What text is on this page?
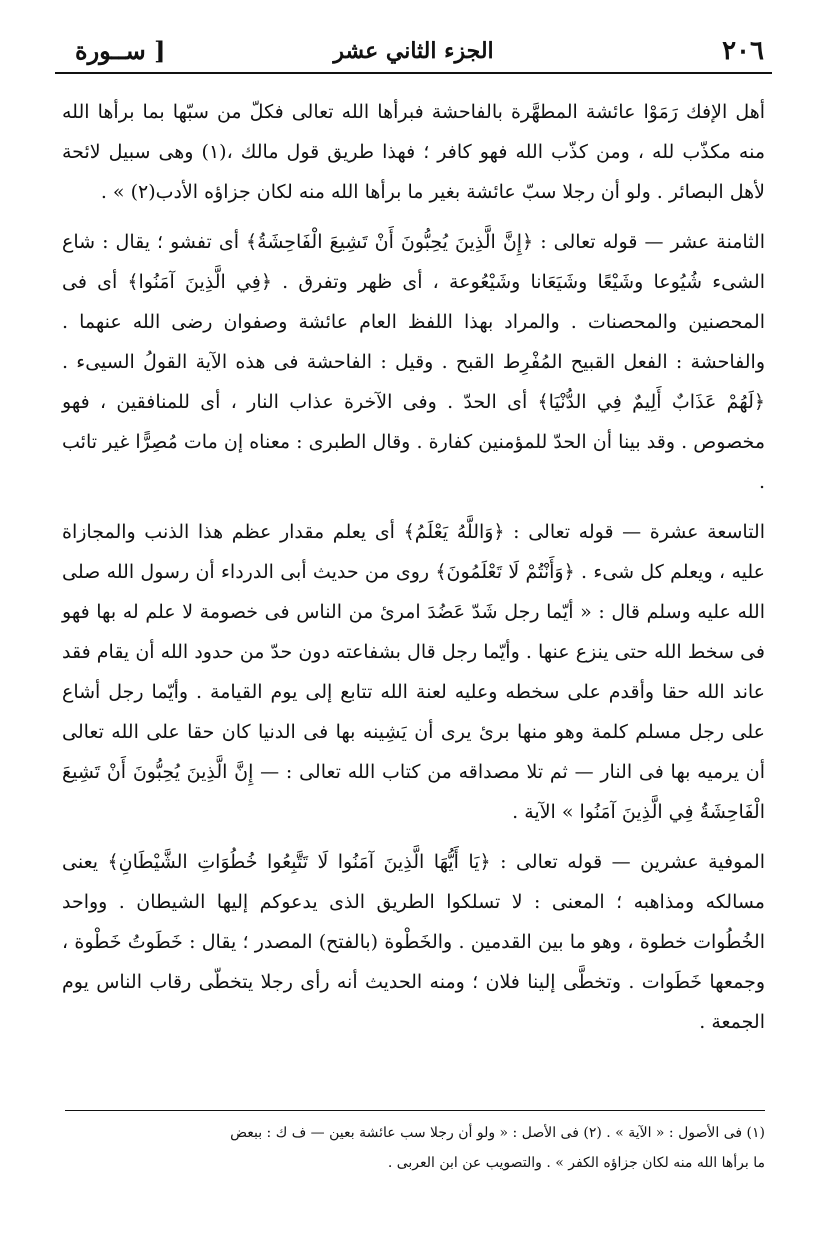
٢٠٦
الجزء الثاني عشر
[ ســورة

أهل الإفك رَمَوْا عائشة المطهَّرة بالفاحشة فبرأها الله تعالى فكلّ من سبّها بما برأها الله منه مكذّب لله ، ومن كذّب الله فهو كافر ؛ فهذا طريق قول مالك ،(١) وهى سبيل لائحة لأهل البصائر . ولو أن رجلا سبّ عائشة بغير ما برأها الله منه لكان جزاؤه الأدب(٢) » .

الثامنة عشر — قوله تعالى : ﴿إِنَّ الَّذِينَ يُحِبُّونَ أَنْ تَشِيعَ الْفَاحِشَةُ﴾ أى تفشو ؛ يقال : شاع الشىء شُيُوعا وشَيْعًا وشَيَعَانا وشَيْعُوعة ، أى ظهر وتفرق . ﴿فِي الَّذِينَ آمَنُوا﴾ أى فى المحصنين والمحصنات . والمراد بهذا اللفظ العام عائشة وصفوان رضى الله عنهما . والفاحشة : الفعل القبيح المُفْرِط القبح . وقيل : الفاحشة فى هذه الآية القولُ السيىء . ﴿لَهُمْ عَذَابٌ أَلِيمٌ فِي الدُّنْيَا﴾ أى الحدّ . وفى الآخرة عذاب النار ، أى للمنافقين ، فهو مخصوص . وقد بينا أن الحدّ للمؤمنين كفارة . وقال الطبرى : معناه إن مات مُصِرًّا غير تائب .

التاسعة عشرة — قوله تعالى : ﴿وَاللَّهُ يَعْلَمُ﴾ أى يعلم مقدار عظم هذا الذنب والمجازاة عليه ، ويعلم كل شىء . ﴿وَأَنْتُمْ لَا تَعْلَمُونَ﴾ روى من حديث أبى الدرداء أن رسول الله صلى الله عليه وسلم قال : « أيّما رجل شَدّ عَضُدَ امرئ من الناس فى خصومة لا علم له بها فهو فى سخط الله حتى ينزع عنها . وأيّما رجل قال بشفاعته دون حدّ من حدود الله أن يقام فقد عاند الله حقا وأقدم على سخطه وعليه لعنة الله تتابع إلى يوم القيامة . وأيّما رجل أشاع على رجل مسلم كلمة وهو منها برئ يرى أن يَشِينه بها فى الدنيا كان حقا على الله تعالى أن يرميه بها فى النار — ثم تلا مصداقه من كتاب الله تعالى : — إِنَّ الَّذِينَ يُحِبُّونَ أَنْ تَشِيعَ الْفَاحِشَةُ فِي الَّذِينَ آمَنُوا » الآية .

الموفية عشرين — قوله تعالى : ﴿يَا أَيُّهَا الَّذِينَ آمَنُوا لَا تَتَّبِعُوا خُطُوَاتِ الشَّيْطَانِ﴾ يعنى مسالكه ومذاهبه ؛ المعنى : لا تسلكوا الطريق الذى يدعوكم إليها الشيطان . وواحد الخُطُوات خطوة ، وهو ما بين القدمين . والخَطْوة (بالفتح) المصدر ؛ يقال : خَطَوتُ خَطْوة ، وجمعها خَطَوات . وتخطَّى إلينا فلان ؛ ومنه الحديث أنه رأى رجلا يتخطّى رقاب الناس يوم الجمعة .

(١) فى الأصول : « الآية » . (٢) فى الأصل : « ولو أن رجلا سب عائشة بعين — ف ك : ببعض

ما برأها الله منه لكان جزاؤه الكفر » . والتصويب عن ابن العربى .
